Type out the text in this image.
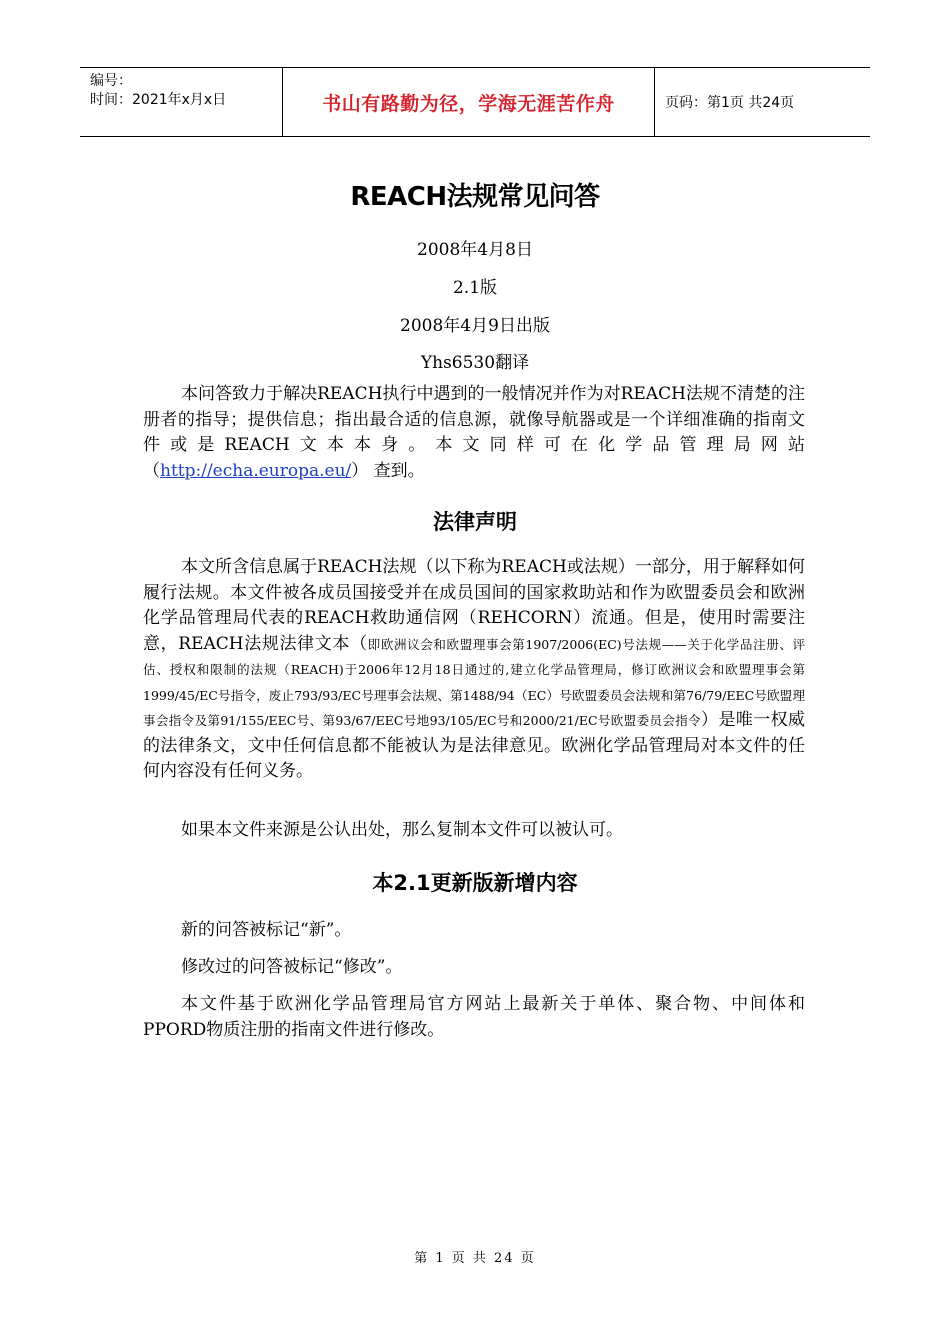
编号：
时间：2021年x月x日	书山有路勤为径，学海无涯苦作舟	页码：第1页 共24页
REACH法规常见问答
2008年4月8日
2.1版
2008年4月9日出版
Yhs6530翻译

本问答致力于解决REACH执行中遇到的一般情况并作为对REACH法规不清楚的注册者的指导；提供信息；指出最合适的信息源，就像导航器或是一个详细准确的指南文件或是REACH文本本身。本文同样可在化学品管理局网站（http://echa.europa.eu/） 查到。

法律声明

本文所含信息属于REACH法规（以下称为REACH或法规）一部分，用于解释如何履行法规。本文件被各成员国接受并在成员国间的国家救助站和作为欧盟委员会和欧洲化学品管理局代表的REACH救助通信网（REHCORN）流通。但是，使用时需要注意，REACH法规法律文本（即欧洲议会和欧盟理事会第1907/2006(EC)号法规——关于化学品注册、评估、授权和限制的法规（REACH)于2006年12月18日通过的,建立化学品管理局，修订欧洲议会和欧盟理事会第1999/45/EC号指令，废止793/93/EC号理事会法规、第1488/94（EC）号欧盟委员会法规和第76/79/EEC号欧盟理事会指令及第91/155/EEC号、第93/67/EEC号地93/105/EC号和2000/21/EC号欧盟委员会指令）是唯一权威的法律条文，文中任何信息都不能被认为是法律意见。欧洲化学品管理局对本文件的任何内容没有任何义务。

如果本文件来源是公认出处，那么复制本文件可以被认可。

本2.1更新版新增内容

新的问答被标记“新”。

修改过的问答被标记“修改”。

本文件基于欧洲化学品管理局官方网站上最新关于单体、聚合物、中间体和PPORD物质注册的指南文件进行修改。

第 1 页 共 24 页
